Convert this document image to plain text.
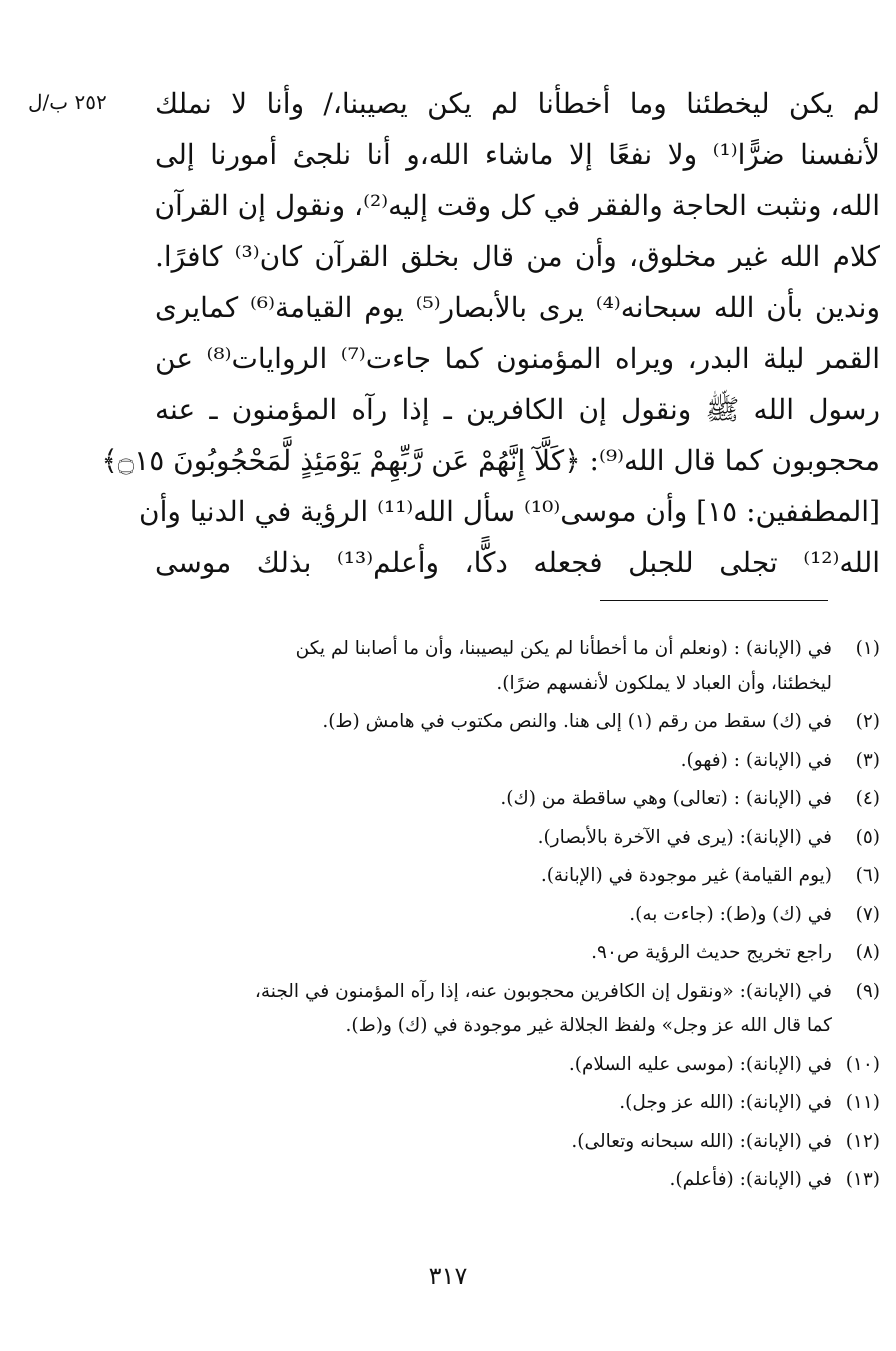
٢٥٢ ب/ل	لم يكن ليخطئنا وما أخطأنا لم يكن يصيبنا،/ وأنا لا نملك
لأنفسنا ضرًّا⁽¹⁾ ولا نفعًا إلا ماشاء الله،و أنا نلجئ أمورنا إلى
الله، ونثبت الحاجة والفقر في كل وقت إليه⁽²⁾، ونقول إن القرآن
كلام الله غير مخلوق، وأن من قال بخلق القرآن كان⁽³⁾ كافرًا.
وندين بأن الله سبحانه⁽⁴⁾ يرى بالأبصار⁽⁵⁾ يوم القيامة⁽⁶⁾ كمايرى
القمر ليلة البدر، ويراه المؤمنون كما جاءت⁽⁷⁾ الروايات⁽⁸⁾ عن
رسول الله ﷺ ونقول إن الكافرين ـ إذا رآه المؤمنون ـ عنه
محجوبون كما قال الله⁽⁹⁾: ﴿كَلَّآ إِنَّهُمْ عَن رَّبِّهِمْ يَوْمَئِذٍ لَّمَحْجُوبُونَ ۝١٥﴾
[المطففين: ١٥] وأن موسى⁽¹⁰⁾ سأل الله⁽¹¹⁾ الرؤية في الدنيا وأن
الله⁽¹²⁾ تجلى للجبل فجعله دكًّا، وأعلم⁽¹³⁾ بذلك موسى
(١)
في (الإبانة) : (ونعلم أن ما أخطأنا لم يكن ليصيبنا، وأن ما أصابنا لم يكن
ليخطئنا، وأن العباد لا يملكون لأنفسهم ضرًا).
(٢)
في (ك) سقط من رقم (١) إلى هنا. والنص مكتوب في هامش (ط).
(٣)
في (الإبانة) : (فهو).
(٤)
في (الإبانة) : (تعالى) وهي ساقطة من (ك).
(٥)
في (الإبانة): (يرى في الآخرة بالأبصار).
(٦)
(يوم القيامة) غير موجودة في (الإبانة).
(٧)
في (ك) و(ط): (جاءت به).
(٨)
راجع تخريج حديث الرؤية ص٩٠.
(٩)
في (الإبانة): «ونقول إن الكافرين محجوبون عنه، إذا رآه المؤمنون في الجنة،
كما قال الله عز وجل» ولفظ الجلالة غير موجودة في (ك) و(ط).
(١٠)
في (الإبانة): (موسى عليه السلام).
(١١)
في (الإبانة): (الله عز وجل).
(١٢)
في (الإبانة): (الله سبحانه وتعالى).
(١٣)
في (الإبانة): (فأعلم).
٣١٧
